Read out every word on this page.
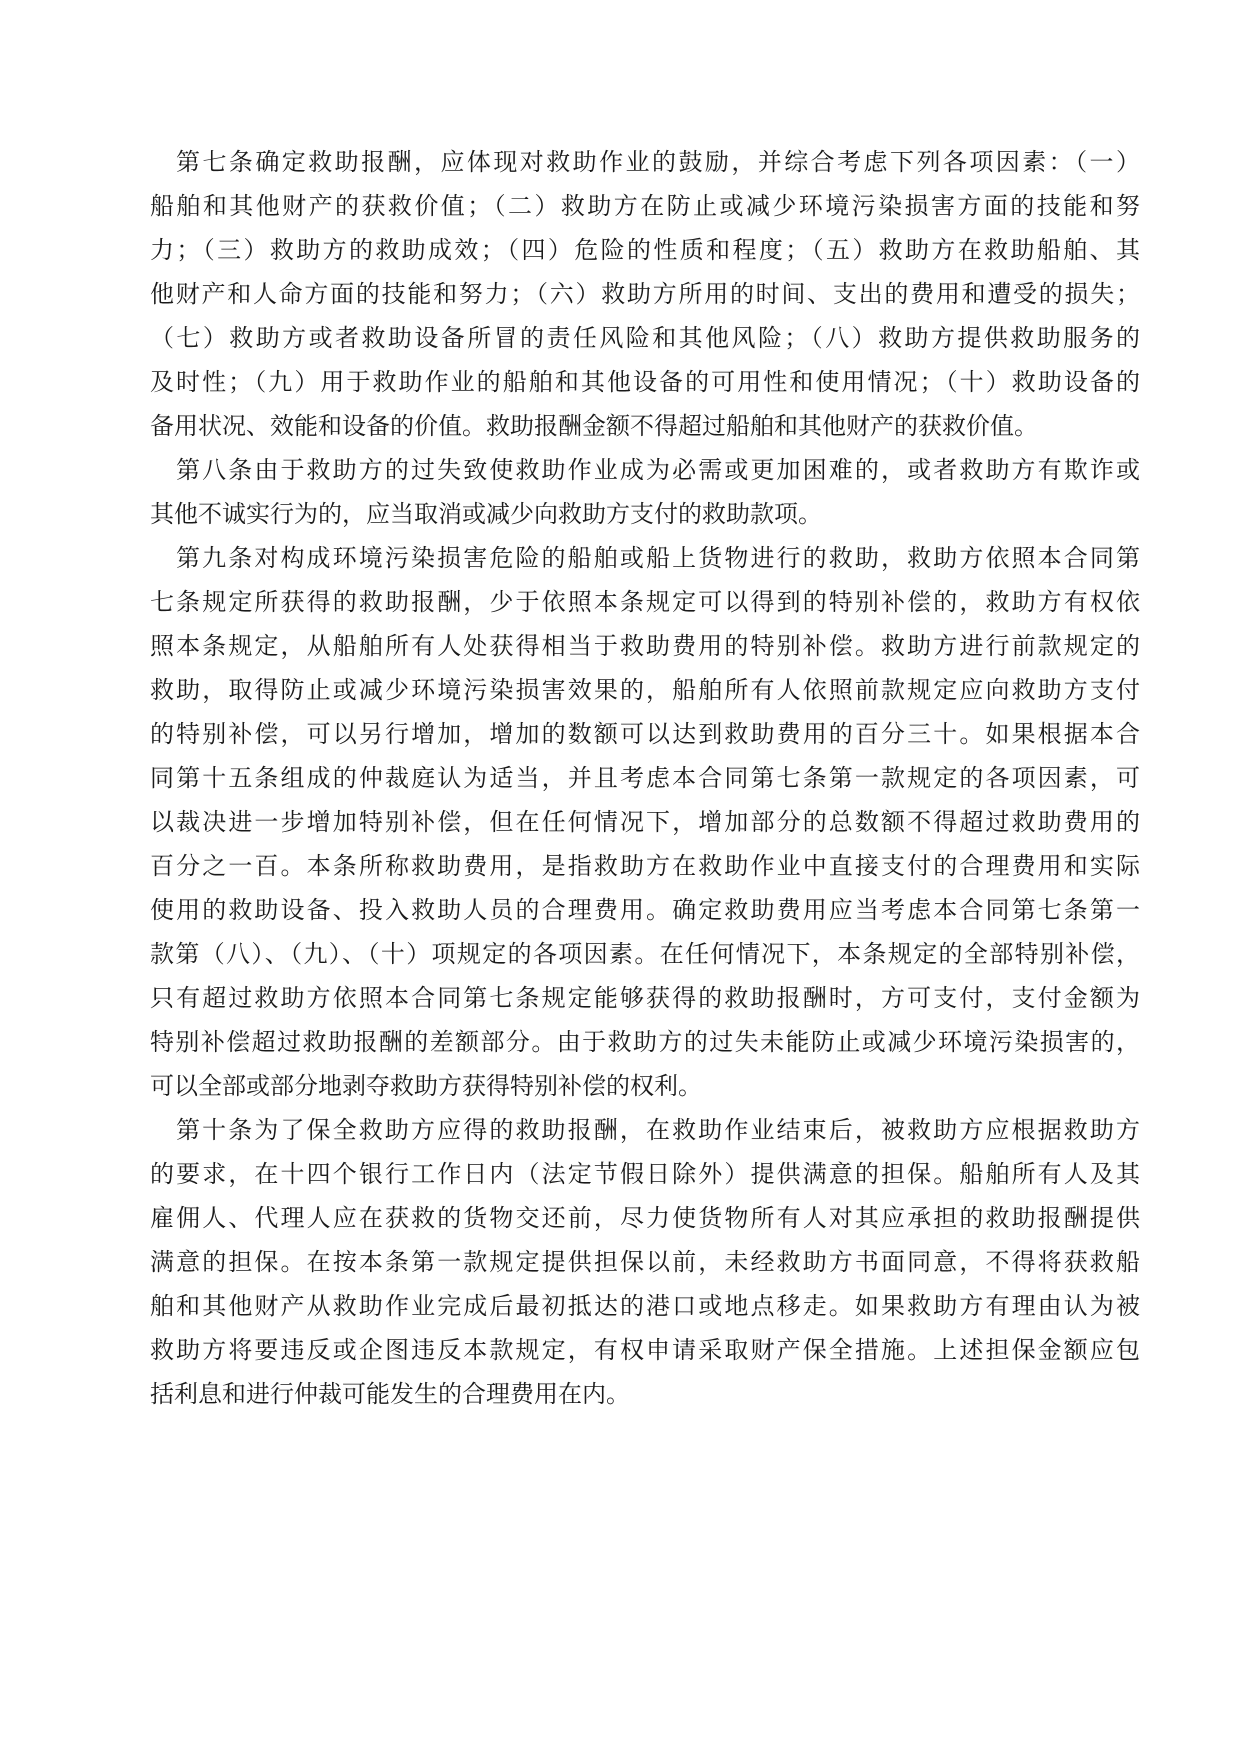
第七条确定救助报酬，应体现对救助作业的鼓励，并综合考虑下列各项因素：（一）
船舶和其他财产的获救价值；（二）救助方在防止或减少环境污染损害方面的技能和努
力；（三）救助方的救助成效；（四）危险的性质和程度；（五）救助方在救助船舶、其
他财产和人命方面的技能和努力；（六）救助方所用的时间、支出的费用和遭受的损失；
（七）救助方或者救助设备所冒的责任风险和其他风险；（八）救助方提供救助服务的
及时性；（九）用于救助作业的船舶和其他设备的可用性和使用情况；（十）救助设备的
备用状况、效能和设备的价值。救助报酬金额不得超过船舶和其他财产的获救价值。
第八条由于救助方的过失致使救助作业成为必需或更加困难的，或者救助方有欺诈或
其他不诚实行为的，应当取消或减少向救助方支付的救助款项。
第九条对构成环境污染损害危险的船舶或船上货物进行的救助，救助方依照本合同第
七条规定所获得的救助报酬，少于依照本条规定可以得到的特别补偿的，救助方有权依
照本条规定，从船舶所有人处获得相当于救助费用的特别补偿。救助方进行前款规定的
救助，取得防止或减少环境污染损害效果的，船舶所有人依照前款规定应向救助方支付
的特别补偿，可以另行增加，增加的数额可以达到救助费用的百分三十。如果根据本合
同第十五条组成的仲裁庭认为适当，并且考虑本合同第七条第一款规定的各项因素，可
以裁决进一步增加特别补偿，但在任何情况下，增加部分的总数额不得超过救助费用的
百分之一百。本条所称救助费用，是指救助方在救助作业中直接支付的合理费用和实际
使用的救助设备、投入救助人员的合理费用。确定救助费用应当考虑本合同第七条第一
款第（八）、（九）、（十）项规定的各项因素。在任何情况下，本条规定的全部特别补偿，
只有超过救助方依照本合同第七条规定能够获得的救助报酬时，方可支付，支付金额为
特别补偿超过救助报酬的差额部分。由于救助方的过失未能防止或减少环境污染损害的，
可以全部或部分地剥夺救助方获得特别补偿的权利。
第十条为了保全救助方应得的救助报酬，在救助作业结束后，被救助方应根据救助方
的要求，在十四个银行工作日内（法定节假日除外）提供满意的担保。船舶所有人及其
雇佣人、代理人应在获救的货物交还前，尽力使货物所有人对其应承担的救助报酬提供
满意的担保。在按本条第一款规定提供担保以前，未经救助方书面同意，不得将获救船
舶和其他财产从救助作业完成后最初抵达的港口或地点移走。如果救助方有理由认为被
救助方将要违反或企图违反本款规定，有权申请采取财产保全措施。上述担保金额应包
括利息和进行仲裁可能发生的合理费用在内。
